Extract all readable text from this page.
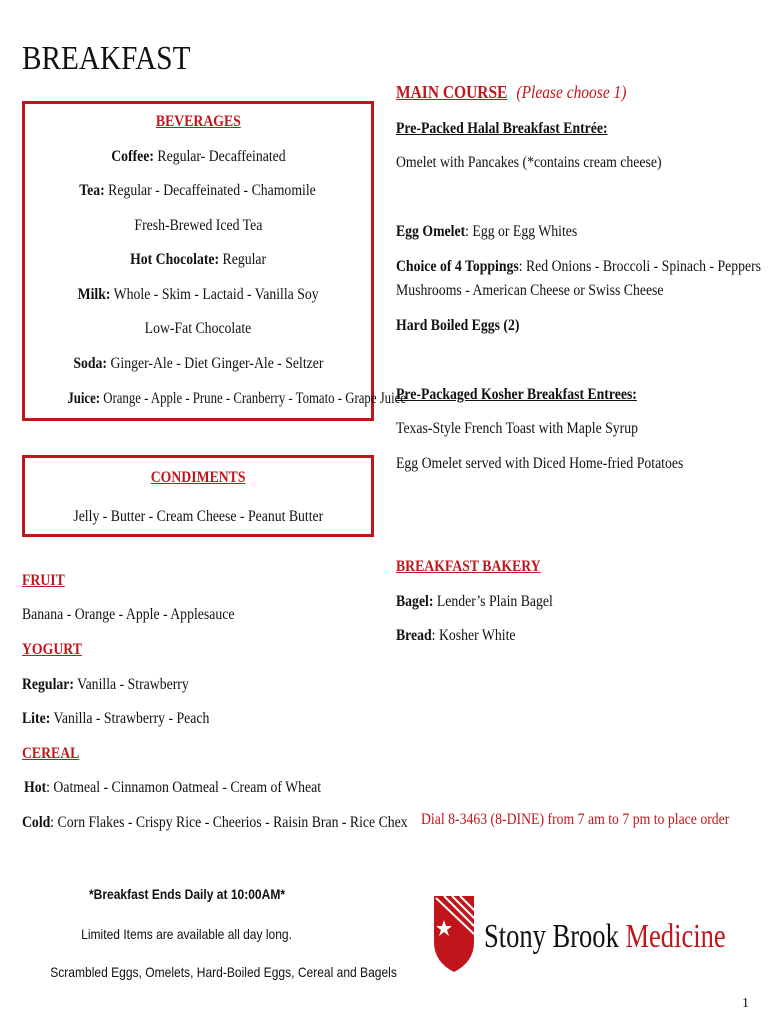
BREAKFAST
BEVERAGES
Coffee: Regular- Decaffeinated
Tea: Regular - Decaffeinated - Chamomile
Fresh-Brewed Iced Tea
Hot Chocolate: Regular
Milk: Whole - Skim - Lactaid - Vanilla Soy
Low-Fat Chocolate
Soda: Ginger-Ale - Diet Ginger-Ale - Seltzer
Juice: Orange - Apple - Prune - Cranberry - Tomato - Grape Juice
CONDIMENTS
Jelly - Butter - Cream Cheese - Peanut Butter
FRUIT
Banana - Orange - Apple - Applesauce
YOGURT
Regular: Vanilla - Strawberry
Lite: Vanilla - Strawberry - Peach
CEREAL
Hot: Oatmeal - Cinnamon Oatmeal - Cream of Wheat
Cold: Corn Flakes - Crispy Rice - Cheerios - Raisin Bran - Rice Chex
MAIN COURSE (Please choose 1)
Pre-Packed Halal Breakfast Entrée:
Omelet with Pancakes (*contains cream cheese)
Egg Omelet: Egg or Egg Whites
Choice of 4 Toppings: Red Onions - Broccoli - Spinach - Peppers
Mushrooms - American Cheese or Swiss Cheese
Hard Boiled Eggs (2)
Pre-Packaged Kosher Breakfast Entrees:
Texas-Style French Toast with Maple Syrup
Egg Omelet served with Diced Home-fried Potatoes
BREAKFAST BAKERY
Bagel: Lender’s Plain Bagel
Bread: Kosher White
Dial 8-3463 (8-DINE) from 7 am to 7 pm to place order
*Breakfast Ends Daily at 10:00AM*
Limited Items are available all day long.
Scrambled Eggs, Omelets, Hard-Boiled Eggs, Cereal and Bagels
Stony Brook Medicine
1
